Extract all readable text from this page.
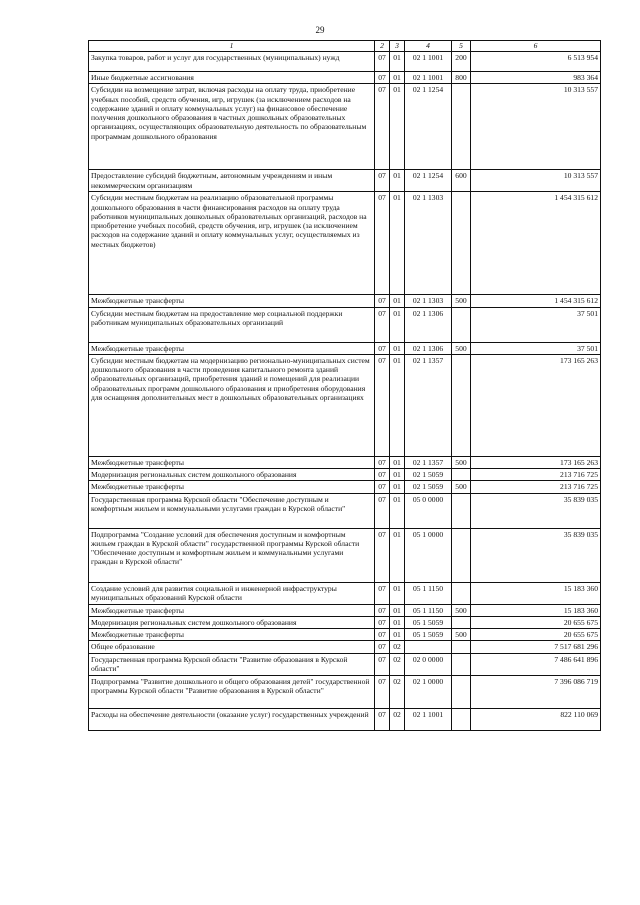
29
1	2	3	4	5	6
Закупка товаров, работ и услуг для государственных (муниципальных) нужд	07	01	02 1 1001	200	6 513 954
Иные бюджетные ассигнования	07	01	02 1 1001	800	983 364
Субсидии на возмещение затрат, включая расходы на оплату труда, приобретение учебных пособий, средств обучения, игр, игрушек (за исключением расходов на содержание зданий и оплату коммунальных услуг) на финансовое обеспечение получения дошкольного образования в частных дошкольных образовательных организациях, осуществляющих образовательную деятельность по образовательным программам дошкольного образования	07	01	02 1 1254		10 313 557
Предоставление субсидий бюджетным, автономным учреждениям и иным некоммерческим организациям	07	01	02 1 1254	600	10 313 557
Субсидии местным бюджетам на реализацию образовательной программы дошкольного образования в части финансирования расходов на оплату труда работников муниципальных дошкольных образовательных организаций, расходов на приобретение учебных пособий, средств обучения, игр, игрушек (за исключением расходов на содержание зданий и оплату коммунальных услуг, осуществляемых из местных бюджетов)	07	01	02 1 1303		1 454 315 612
Межбюджетные трансферты	07	01	02 1 1303	500	1 454 315 612
Субсидии местным бюджетам на предоставление мер социальной поддержки работникам муниципальных образовательных организаций	07	01	02 1 1306		37 501
Межбюджетные трансферты	07	01	02 1 1306	500	37 501
Субсидии местным бюджетам на модернизацию регионально-муниципальных систем дошкольного образования в части проведения капитального ремонта зданий образовательных организаций, приобретения зданий и помещений для реализации образовательных программ дошкольного образования и приобретения оборудования для оснащения дополнительных мест в дошкольных образовательных организациях	07	01	02 1 1357		173 165 263
Межбюджетные трансферты	07	01	02 1 1357	500	173 165 263
Модернизация региональных систем дошкольного образования	07	01	02 1 5059		213 716 725
Межбюджетные трансферты	07	01	02 1 5059	500	213 716 725
Государственная программа Курской области "Обеспечение доступным и комфортным жильем и коммунальными услугами граждан в Курской области"	07	01	05 0 0000		35 839 035
Подпрограмма "Создание условий для обеспечения доступным и комфортным жильем граждан в Курской области" государственной программы Курской области "Обеспечение доступным и комфортным жильем и коммунальными услугами граждан в Курской области"	07	01	05 1 0000		35 839 035
Создание условий для развития социальной и инженерной инфраструктуры муниципальных образований Курской области	07	01	05 1 1150		15 183 360
Межбюджетные трансферты	07	01	05 1 1150	500	15 183 360
Модернизация региональных систем дошкольного образования	07	01	05 1 5059		20 655 675
Межбюджетные трансферты	07	01	05 1 5059	500	20 655 675
Общее образование	07	02			7 517 681 296
Государственная программа Курской области "Развитие образования в Курской области"	07	02	02 0 0000		7 486 641 896
Подпрограмма "Развитие дошкольного и общего образования детей" государственной программы Курской области "Развитие образования в Курской области"	07	02	02 1 0000		7 396 086 719
Расходы на обеспечение деятельности (оказание услуг) государственных учреждений	07	02	02 1 1001		822 110 069
